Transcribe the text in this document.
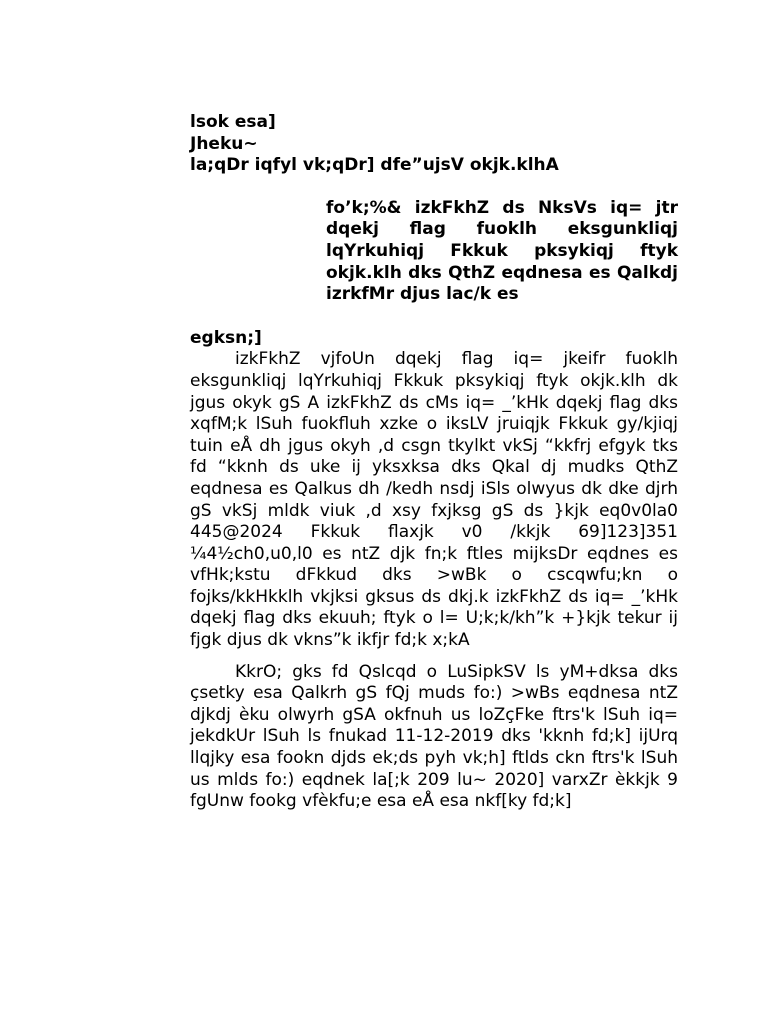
lsok esa]
Jheku~
la;qDr iqfyl vk;qDr] dfe”ujsV okjk.klhA
fo’k;%& izkFkhZ ds NksVs iq= jtr dqekj flag fuoklh eksgunkliqj lqYrkuhiqj Fkkuk pksykiqj ftyk okjk.klh dks QthZ eqdnesa es Qalkdj izrkfMr djus lac/k es
egksn;]

izkFkhZ vjfoUn dqekj flag iq= jkeifr fuoklh eksgunkliqj lqYrkuhiqj Fkkuk pksykiqj ftyk okjk.klh dk jgus okyk gS A izkFkhZ ds cMs iq= _’kHk dqekj flag dks xqfM;k lSuh fuokfluh xzke o iksLV jruiqjk Fkkuk gy/kjiqj tuin eÅ dh jgus okyh ,d csgn tkylkt vkSj “kkfrj efgyk tks fd “kknh ds uke ij yksxksa dks Qkal dj mudks QthZ eqdnesa es Qalkus dh /kedh nsdj iSls olwyus dk dke djrh gS vkSj mldk viuk ,d xsy fxjksg gS ds }kjk eq0v0la0 445@2024 Fkkuk flaxjk v0 /kkjk 69]123]351 ¼4½ch0,u0,l0 es ntZ djk fn;k ftles mijksDr eqdnes es vfHk;kstu dFkkud dks >wBk o cscqwfu;kn o fojks/kkHkklh vkjksi gksus ds dkj.k izkFkhZ ds iq= _’kHk dqekj flag dks ekuuh; ftyk o l= U;k;k/kh”k +}kjk tekur ij fjgk djus dk vkns”k ikfjr fd;k x;kA

KkrO; gks fd Qslcqd o LuSipkSV ls yM+dksa dks çsetky esa Qalkrh gS fQj muds fo:) >wBs eqdnesa ntZ djkdj èku olwyrh gSA okfnuh us loZçFke ftrs'k lSuh iq= jekdkUr lSuh ls fnukad 11-12-2019 dks 'kknh fd;k] ijUrq llqjky esa fookn djds ek;ds pyh vk;h] ftlds ckn ftrs'k lSuh us mlds fo:) eqdnek la[;k 209 lu~ 2020] varxZr èkkjk 9 fgUnw fookg vfèkfu;e esa eÅ esa nkf[ky fd;k]
